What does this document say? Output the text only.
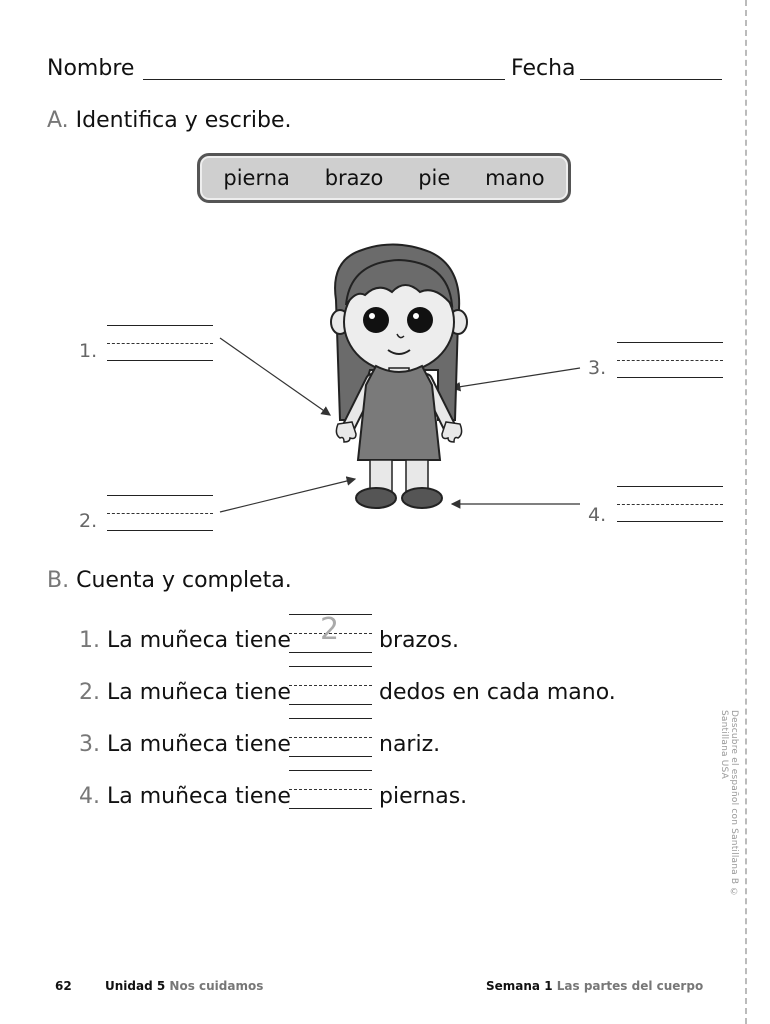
Nombre	Fecha
A. Identifica y escribe.
pierna brazo pie mano
1.
2.
3.
4.
B. Cuenta y completa.
1. La muñeca tiene 2 brazos.
2. La muñeca tiene	dedos en cada mano.
3. La muñeca tiene	nariz.
4. La muñeca tiene	piernas.	Descubre el español con Santillana B © Santillana USA
62	Unidad 5 Nos cuidamos	Semana 1 Las partes del cuerpo
